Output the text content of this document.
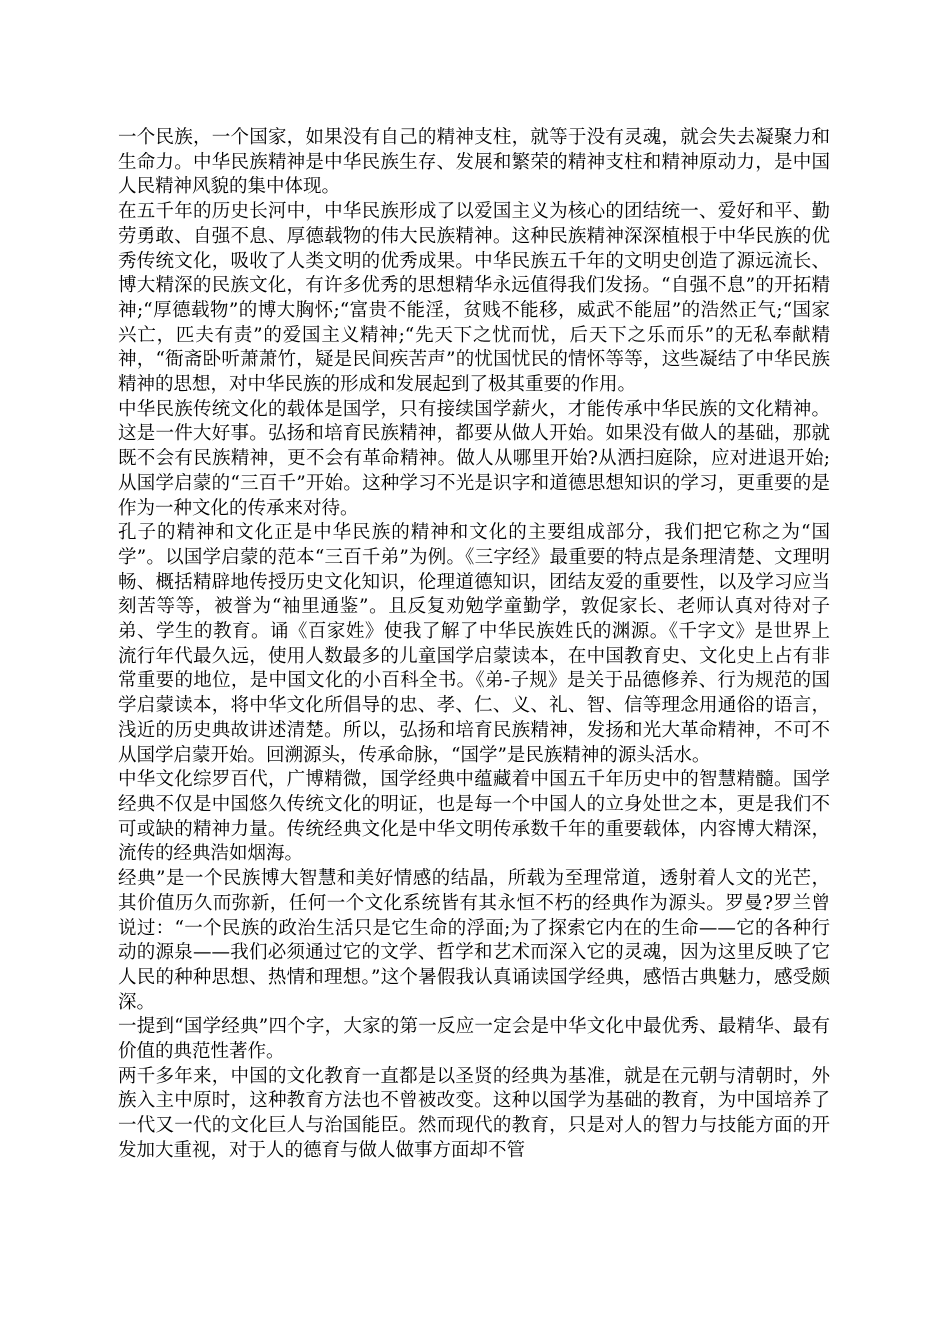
一个民族，一个国家，如果没有自己的精神支柱，就等于没有灵魂，就会失去凝聚力和生命力。中华民族精神是中华民族生存、发展和繁荣的精神支柱和精神原动力，是中国人民精神风貌的集中体现。

在五千年的历史长河中，中华民族形成了以爱国主义为核心的团结统一、爱好和平、勤劳勇敢、自强不息、厚德载物的伟大民族精神。这种民族精神深深植根于中华民族的优秀传统文化，吸收了人类文明的优秀成果。中华民族五千年的文明史创造了源远流长、博大精深的民族文化，有许多优秀的思想精华永远值得我们发扬。“自强不息”的开拓精神;“厚德载物”的博大胸怀;“富贵不能淫，贫贱不能移，威武不能屈”的浩然正气;“国家兴亡，匹夫有责”的爱国主义精神;“先天下之忧而忧，后天下之乐而乐”的无私奉献精神，“衙斋卧听萧萧竹，疑是民间疾苦声”的忧国忧民的情怀等等，这些凝结了中华民族精神的思想，对中华民族的形成和发展起到了极其重要的作用。

中华民族传统文化的载体是国学，只有接续国学薪火，才能传承中华民族的文化精神。这是一件大好事。弘扬和培育民族精神，都要从做人开始。如果没有做人的基础，那就既不会有民族精神，更不会有革命精神。做人从哪里开始?从洒扫庭除，应对进退开始;从国学启蒙的“三百千”开始。这种学习不光是识字和道德思想知识的学习，更重要的是作为一种文化的传承来对待。

孔子的精神和文化正是中华民族的精神和文化的主要组成部分，我们把它称之为“国学”。以国学启蒙的范本“三百千弟”为例。《三字经》最重要的特点是条理清楚、文理明畅、概括精辟地传授历史文化知识，伦理道德知识，团结友爱的重要性，以及学习应当刻苦等等，被誉为“袖里通鉴”。且反复劝勉学童勤学，敦促家长、老师认真对待对子弟、学生的教育。诵《百家姓》使我了解了中华民族姓氏的渊源。《千字文》是世界上流行年代最久远，使用人数最多的儿童国学启蒙读本，在中国教育史、文化史上占有非常重要的地位，是中国文化的小百科全书。《弟-子规》是关于品德修养、行为规范的国学启蒙读本，将中华文化所倡导的忠、孝、仁、义、礼、智、信等理念用通俗的语言，浅近的历史典故讲述清楚。所以，弘扬和培育民族精神，发扬和光大革命精神，不可不从国学启蒙开始。回溯源头，传承命脉，“国学”是民族精神的源头活水。

中华文化综罗百代，广博精微，国学经典中蕴藏着中国五千年历史中的智慧精髓。国学经典不仅是中国悠久传统文化的明证，也是每一个中国人的立身处世之本，更是我们不可或缺的精神力量。传统经典文化是中华文明传承数千年的重要载体，内容博大精深，流传的经典浩如烟海。

经典”是一个民族博大智慧和美好情感的结晶，所载为至理常道，透射着人文的光芒，其价值历久而弥新，任何一个文化系统皆有其永恒不朽的经典作为源头。罗曼?罗兰曾说过：“一个民族的政治生活只是它生命的浮面;为了探索它内在的生命——它的各种行动的源泉——我们必须通过它的文学、哲学和艺术而深入它的灵魂，因为这里反映了它人民的种种思想、热情和理想。”这个暑假我认真诵读国学经典，感悟古典魅力，感受颇深。

一提到“国学经典”四个字，大家的第一反应一定会是中华文化中最优秀、最精华、最有价值的典范性著作。

两千多年来，中国的文化教育一直都是以圣贤的经典为基准，就是在元朝与清朝时，外族入主中原时，这种教育方法也不曾被改变。这种以国学为基础的教育，为中国培养了一代又一代的文化巨人与治国能臣。然而现代的教育，只是对人的智力与技能方面的开发加大重视，对于人的德育与做人做事方面却不管
